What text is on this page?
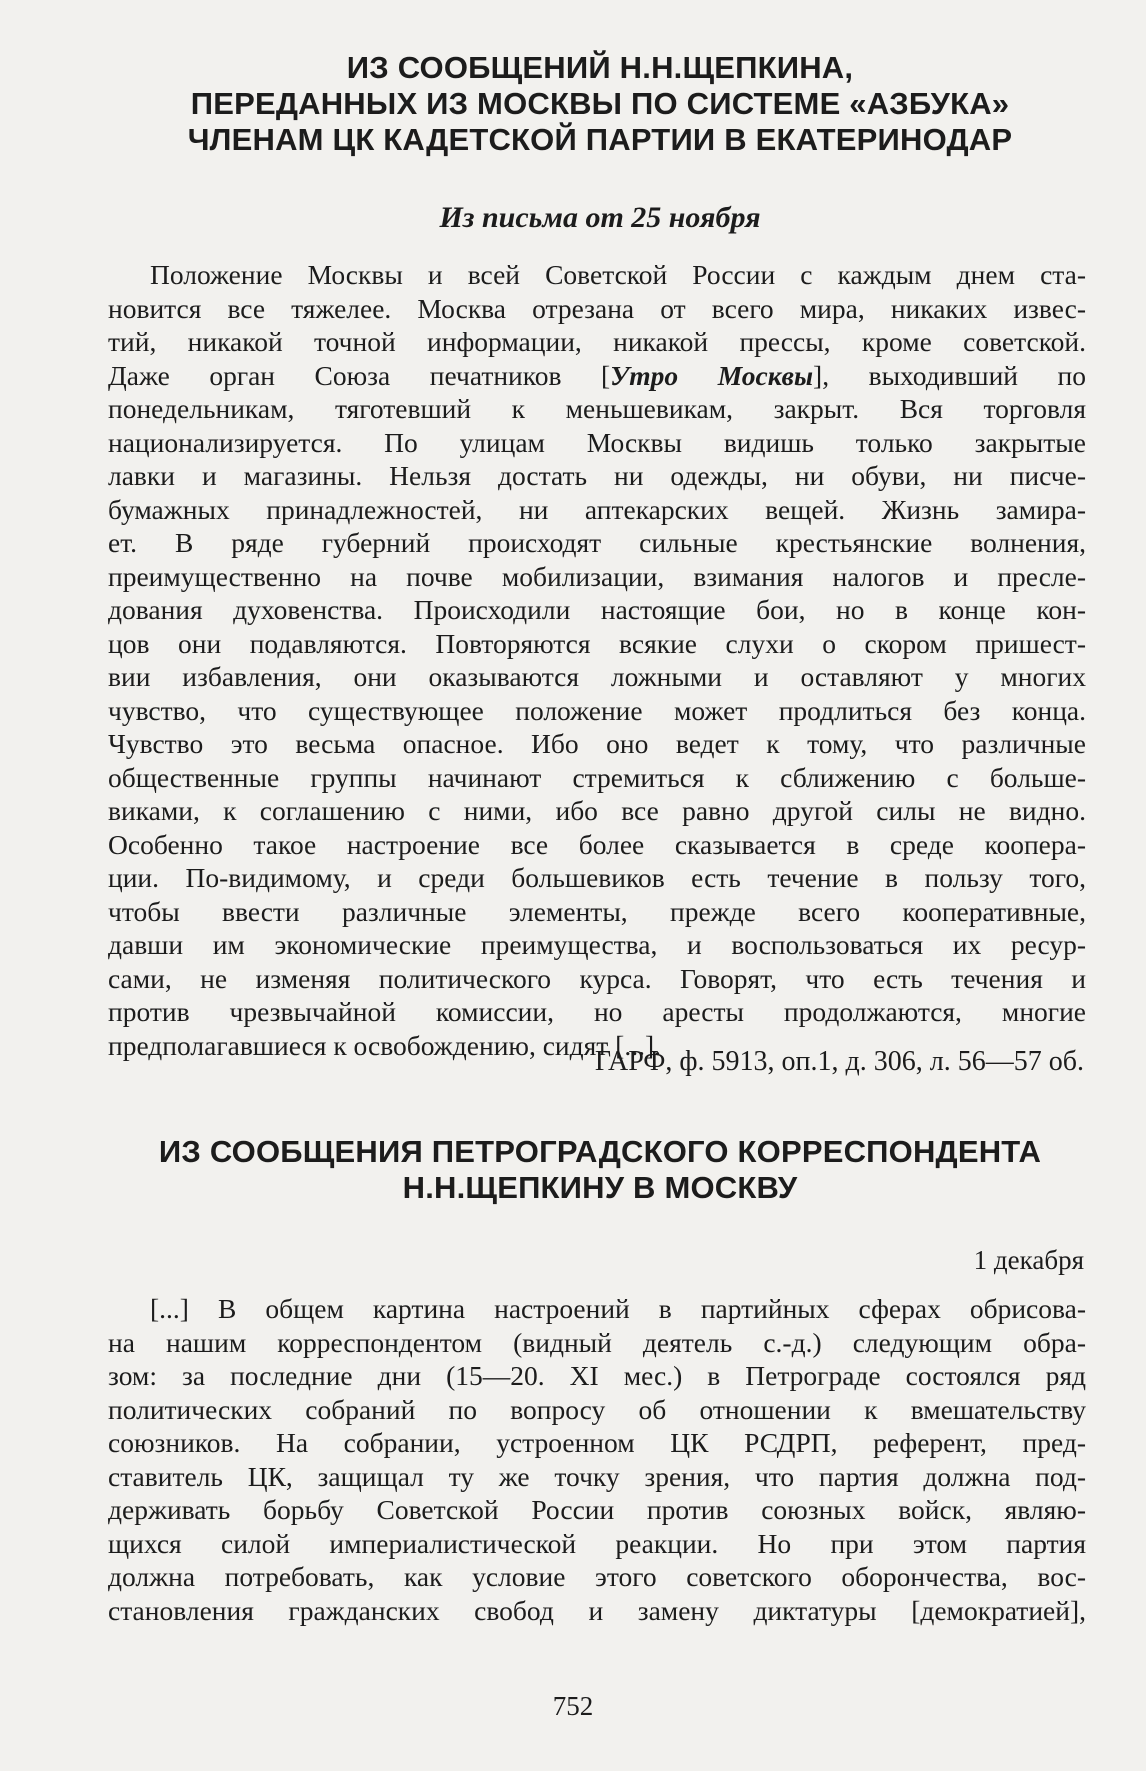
ИЗ СООБЩЕНИЙ Н.Н.ЩЕПКИНА,
ПЕРЕДАННЫХ ИЗ МОСКВЫ ПО СИСТЕМЕ «АЗБУКА»
ЧЛЕНАМ ЦК КАДЕТСКОЙ ПАРТИИ В ЕКАТЕРИНОДАР
Из письма от 25 ноября
Положение Москвы и всей Советской России с каждым днем ста-
новится все тяжелее. Москва отрезана от всего мира, никаких извес-
тий, никакой точной информации, никакой прессы, кроме советской.
Даже орган Союза печатников [Утро Москвы], выходивший по
понедельникам, тяготевший к меньшевикам, закрыт. Вся торговля
национализируется. По улицам Москвы видишь только закрытые
лавки и магазины. Нельзя достать ни одежды, ни обуви, ни писче-
бумажных принадлежностей, ни аптекарских вещей. Жизнь замира-
ет. В ряде губерний происходят сильные крестьянские волнения,
преимущественно на почве мобилизации, взимания налогов и пресле-
дования духовенства. Происходили настоящие бои, но в конце кон-
цов они подавляются. Повторяются всякие слухи о скором пришест-
вии избавления, они оказываются ложными и оставляют у многих
чувство, что существующее положение может продлиться без конца.
Чувство это весьма опасное. Ибо оно ведет к тому, что различные
общественные группы начинают стремиться к сближению с больше-
виками, к соглашению с ними, ибо все равно другой силы не видно.
Особенно такое настроение все более сказывается в среде коопера-
ции. По-видимому, и среди большевиков есть течение в пользу того,
чтобы ввести различные элементы, прежде всего кооперативные,
давши им экономические преимущества, и воспользоваться их ресур-
сами, не изменяя политического курса. Говорят, что есть течения и
против чрезвычайной комиссии, но аресты продолжаются, многие
предполагавшиеся к освобождению, сидят [...].
ГАРФ, ф. 5913, оп.1, д. 306, л. 56—57 об.
ИЗ СООБЩЕНИЯ ПЕТРОГРАДСКОГО КОРРЕСПОНДЕНТА
Н.Н.ЩЕПКИНУ В МОСКВУ
1 декабря
[...] В общем картина настроений в партийных сферах обрисова-
на нашим корреспондентом (видный деятель с.-д.) следующим обра-
зом: за последние дни (15—20. XI мес.) в Петрограде состоялся ряд
политических собраний по вопросу об отношении к вмешательству
союзников. На собрании, устроенном ЦК РСДРП, референт, пред-
ставитель ЦК, защищал ту же точку зрения, что партия должна под-
держивать борьбу Советской России против союзных войск, являю-
щихся силой империалистической реакции. Но при этом партия
должна потребовать, как условие этого советского оборончества, вос-
становления гражданских свобод и замену диктатуры [демократией],
752
